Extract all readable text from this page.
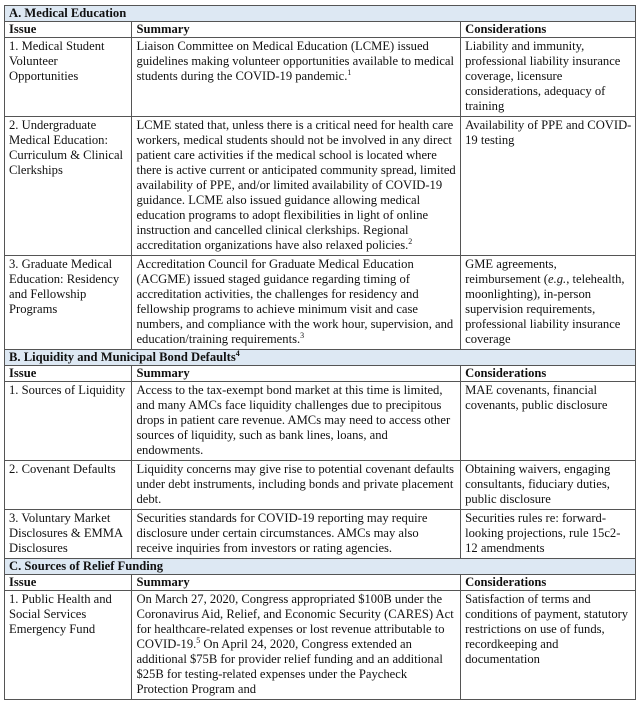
A. Medical Education		
Issue	Summary	Considerations
1. Medical Student Volunteer Opportunities	Liaison Committee on Medical Education (LCME) issued guidelines making volunteer opportunities available to medical students during the COVID-19 pandemic.$^1$	Liability and immunity, professional liability insurance coverage, licensure considerations, adequacy of training
2. Undergraduate Medical Education: Curriculum & Clinical Clerkships	LCME stated that, unless there is a critical need for health care workers, medical students should not be involved in any direct patient care activities if the medical school is located where there is active current or anticipated community spread, limited availability of PPE, and/or limited availability of COVID-19 guidance. LCME also issued guidance allowing medical education programs to adopt flexibilities in light of online instruction and cancelled clinical clerkships. Regional accreditation organizations have also relaxed policies.$^2$	Availability of PPE and COVID-19 testing
3. Graduate Medical Education: Residency and Fellowship Programs	Accreditation Council for Graduate Medical Education (ACGME) issued staged guidance regarding timing of accreditation activities, the challenges for residency and fellowship programs to achieve minimum visit and case numbers, and compliance with the work hour, supervision, and education/training requirements.$^3$	GME agreements, reimbursement (e.g., telehealth, moonlighting), in-person supervision requirements, professional liability insurance coverage
B. Liquidity and Municipal Bond Defaults$^4$
Issue	Summary	Considerations
1. Sources of Liquidity	Access to the tax-exempt bond market at this time is limited, and many AMCs face liquidity challenges due to precipitous drops in patient care revenue. AMCs may need to access other sources of liquidity, such as bank lines, loans, and endowments.	MAE covenants, financial covenants, public disclosure
2. Covenant Defaults	Liquidity concerns may give rise to potential covenant defaults under debt instruments, including bonds and private placement debt.	Obtaining waivers, engaging consultants, fiduciary duties, public disclosure
3. Voluntary Market Disclosures & EMMA Disclosures	Securities standards for COVID-19 reporting may require disclosure under certain circumstances. AMCs may also receive inquiries from investors or rating agencies.	Securities rules re: forward-looking projections, rule 15c2-12 amendments
C. Sources of Relief Funding		
Issue	Summary	Considerations
1. Public Health and Social Services Emergency Fund	On March 27, 2020, Congress appropriated $100B under the Coronavirus Aid, Relief, and Economic Security (CARES) Act for healthcare-related expenses or lost revenue attributable to COVID-19.$^5$ On April 24, 2020, Congress extended an additional $75B for provider relief funding and an additional $25B for testing-related expenses under the Paycheck Protection Program and	Satisfaction of terms and conditions of payment, statutory restrictions on use of funds, recordkeeping and documentation
